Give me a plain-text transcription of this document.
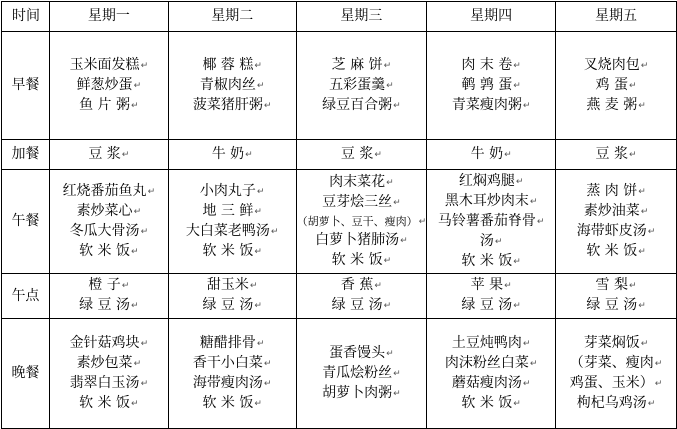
时间	星期一	星期二	星期三	星期四	星期五
早餐	玉米面发糕↵
鲜葱炒蛋↵
鱼 片 粥↵	椰 蓉 糕↵
青椒肉丝↵
菠菜猪肝粥↵	芝 麻 饼↵
五彩蛋羹↵
绿豆百合粥↵	肉 末 卷↵
鹌 鹑 蛋↵
青菜瘦肉粥↵	叉烧肉包↵
鸡 蛋↵
燕 麦 粥↵

加餐	豆 浆↵	牛 奶↵	豆 浆↵	牛 奶↵	豆 浆↵

午餐	红烧番茄鱼丸↵
素炒菜心↵
冬瓜大骨汤↵
软 米 饭↵	小肉丸子↵
地 三 鲜↵
大白菜老鸭汤↵
软 米 饭↵	肉末菜花↵
豆芽烩三丝↵
（胡萝卜、豆干、瘦肉）↵
白萝卜猪肺汤↵
软 米 饭↵	红焖鸡腿↵
黑木耳炒肉末↵
马铃薯番茄脊骨↵
汤↵
软 米 饭↵	蒸 肉 饼↵
素炒油菜↵
海带虾皮汤↵
软 米 饭↵

午点	橙 子↵
绿 豆 汤↵	甜玉米↵
绿 豆 汤↵	香 蕉↵
绿 豆 汤↵	苹 果↵
绿 豆 汤↵	雪 梨↵
绿 豆 汤↵

晚餐	金针菇鸡块↵
素炒包菜↵
翡翠白玉汤↵
软 米 饭↵	糖醋排骨↵
香干小白菜↵
海带瘦肉汤↵
软 米 饭↵	蛋香馒头↵
青瓜烩粉丝↵
胡萝卜肉粥↵	土豆炖鸭肉↵
肉沫粉丝白菜↵
蘑菇瘦肉汤↵
软 米 饭↵	芽菜焖饭↵
（芽菜、瘦肉↵
鸡蛋、玉米）↵
枸杞乌鸡汤↵
